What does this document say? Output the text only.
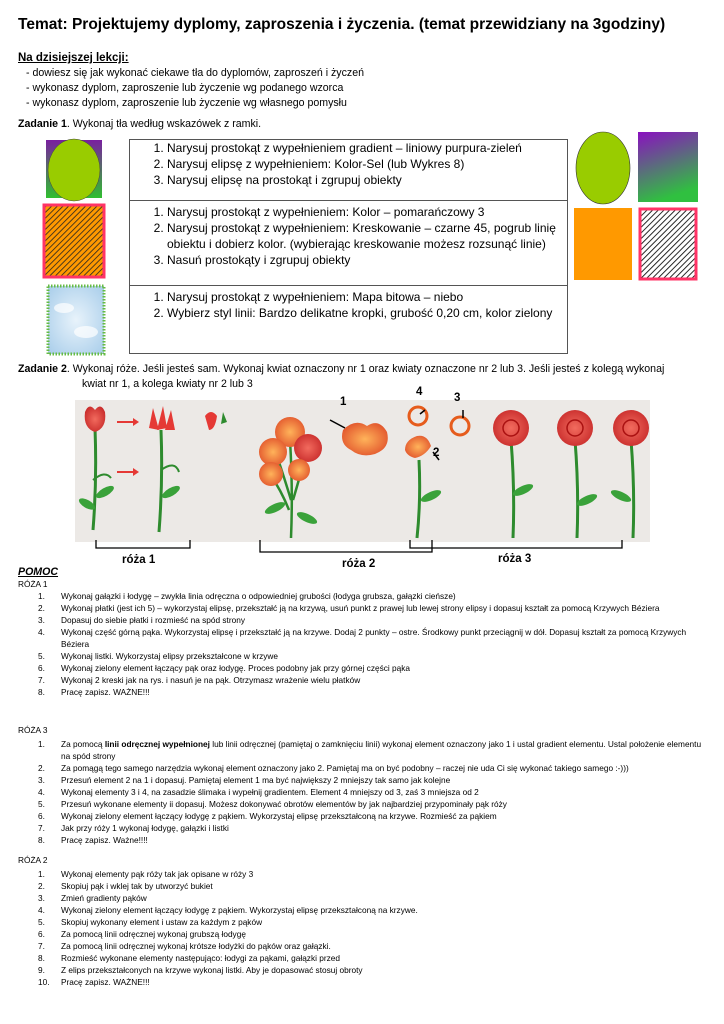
Temat: Projektujemy dyplomy, zaproszenia i życzenia. (temat przewidziany na 3godziny)
Na dzisiejszej lekcji:
- dowiesz się jak wykonać ciekawe tła do dyplomów, zaproszeń i życzeń
- wykonasz dyplom, zaproszenie lub życzenie wg podanego wzorca
- wykonasz dyplom, zaproszenie lub życzenie wg własnego pomysłu
Zadanie 1. Wykonaj tła według wskazówek z ramki.
1. Narysuj prostokąt z wypełnieniem gradient – liniowy purpura-zieleń
2. Narysuj elipsę z wypełnieniem: Kolor-Sel (lub Wykres 8)
3. Narysuj elipsę na prostokąt i zgrupuj obiekty
1. Narysuj prostokąt z wypełnieniem: Kolor – pomarańczowy 3
2. Narysuj prostokąt z wypełnieniem: Kreskowanie – czarne 45, pogrub linię obiektu i dobierz kolor. (wybierając kreskowanie możesz rozsunąć linie)
3. Nasuń prostokąty i zgrupuj obiekty
1. Narysuj prostokąt z wypełnieniem: Mapa bitowa – niebo
2. Wybierz styl linii: Bardzo delikatne kropki, grubość 0,20 cm, kolor zielony
Zadanie 2. Wykonaj róże. Jeśli jesteś sam. Wykonaj kwiat oznaczony nr 1 oraz kwiaty oznaczone nr 2 lub 3. Jeśli jesteś z kolegą wykonaj
kwiat nr 1, a kolega kwiaty nr 2 lub 3
1
4	3
2
róża 1	róża 2	róża 3
POMOC
RÓŻA 1
1. Wykonaj gałązki i łodygę – zwykła linia odręczna o odpowiedniej grubości (łodyga grubsza, gałązki cieńsze)
2. Wykonaj płatki (jest ich 5) – wykorzystaj elipsę, przekształć ją na krzywą, usuń punkt z prawej lub lewej strony elipsy i dopasuj kształt za pomocą Krzywych Béziera
3. Dopasuj do siebie płatki i rozmieść na spód strony
4. Wykonaj część górną pąka. Wykorzystaj elipsę i przekształć ją na krzywe. Dodaj 2 punkty – ostre. Środkowy punkt przeciągnij w dół. Dopasuj kształt za pomocą Krzywych Béziera
5. Wykonaj listki. Wykorzystaj elipsy przekształcone w krzywe
6. Wykonaj zielony element łączący pąk oraz łodygę. Proces podobny jak przy górnej części pąka
7. Wykonaj 2 kreski jak na rys. i nasuń je na pąk. Otrzymasz wrażenie wielu płatków
8. Pracę zapisz. WAŻNE!!!
RÓŻA 3
1. Za pomocą linii odręcznej wypełnionej lub linii odręcznej (pamiętaj o zamknięciu linii) wykonaj element oznaczony jako 1 i ustal gradient elementu. Ustal położenie elementu na spód strony
2. Za pomągą tego samego narzędzia wykonaj element oznaczony jako 2. Pamiętaj ma on być podobny – raczej nie uda Ci się wykonać takiego samego :-)))
3. Przesuń element 2 na 1 i dopasuj. Pamiętaj element 1 ma być największy 2 mniejszy tak samo jak kolejne
4. Wykonaj elementy 3 i 4, na zasadzie ślimaka i wypełnij gradientem. Element 4 mniejszy od 3, zaś 3 mniejsza od 2
5. Przesuń wykonane elementy ii dopasuj. Możesz dokonywać obrotów elementów by jak najbardziej przypominały pąk róży
6. Wykonaj zielony element łączący łodygę z pąkiem. Wykorzystaj elipsę przekształconą na krzywe. Rozmieść za pąkiem
7. Jak przy róży 1 wykonaj łodygę, gałązki i listki
8. Pracę zapisz. Ważne!!!!
RÓŻA 2
1. Wykonaj elementy pąk róży tak jak opisane w róży 3
2. Skopiuj pąk i wklej tak by utworzyć bukiet
3. Zmień gradienty pąków
4. Wykonaj zielony element łączący łodygę z pąkiem. Wykorzystaj elipsę przekształconą na krzywe.
5. Skopiuj wykonany element i ustaw za każdym z pąków
6. Za pomocą linii odręcznej wykonaj grubszą łodygę
7. Za pomocą linii odręcznej wykonaj krótsze łodyżki do pąków oraz gałązki.
8. Rozmieść wykonane elementy następująco: łodygi za pąkami, gałązki przed
9. Z elips przekształconych na krzywe wykonaj listki. Aby je dopasować stosuj obroty
10. Pracę zapisz. WAŻNE!!!
